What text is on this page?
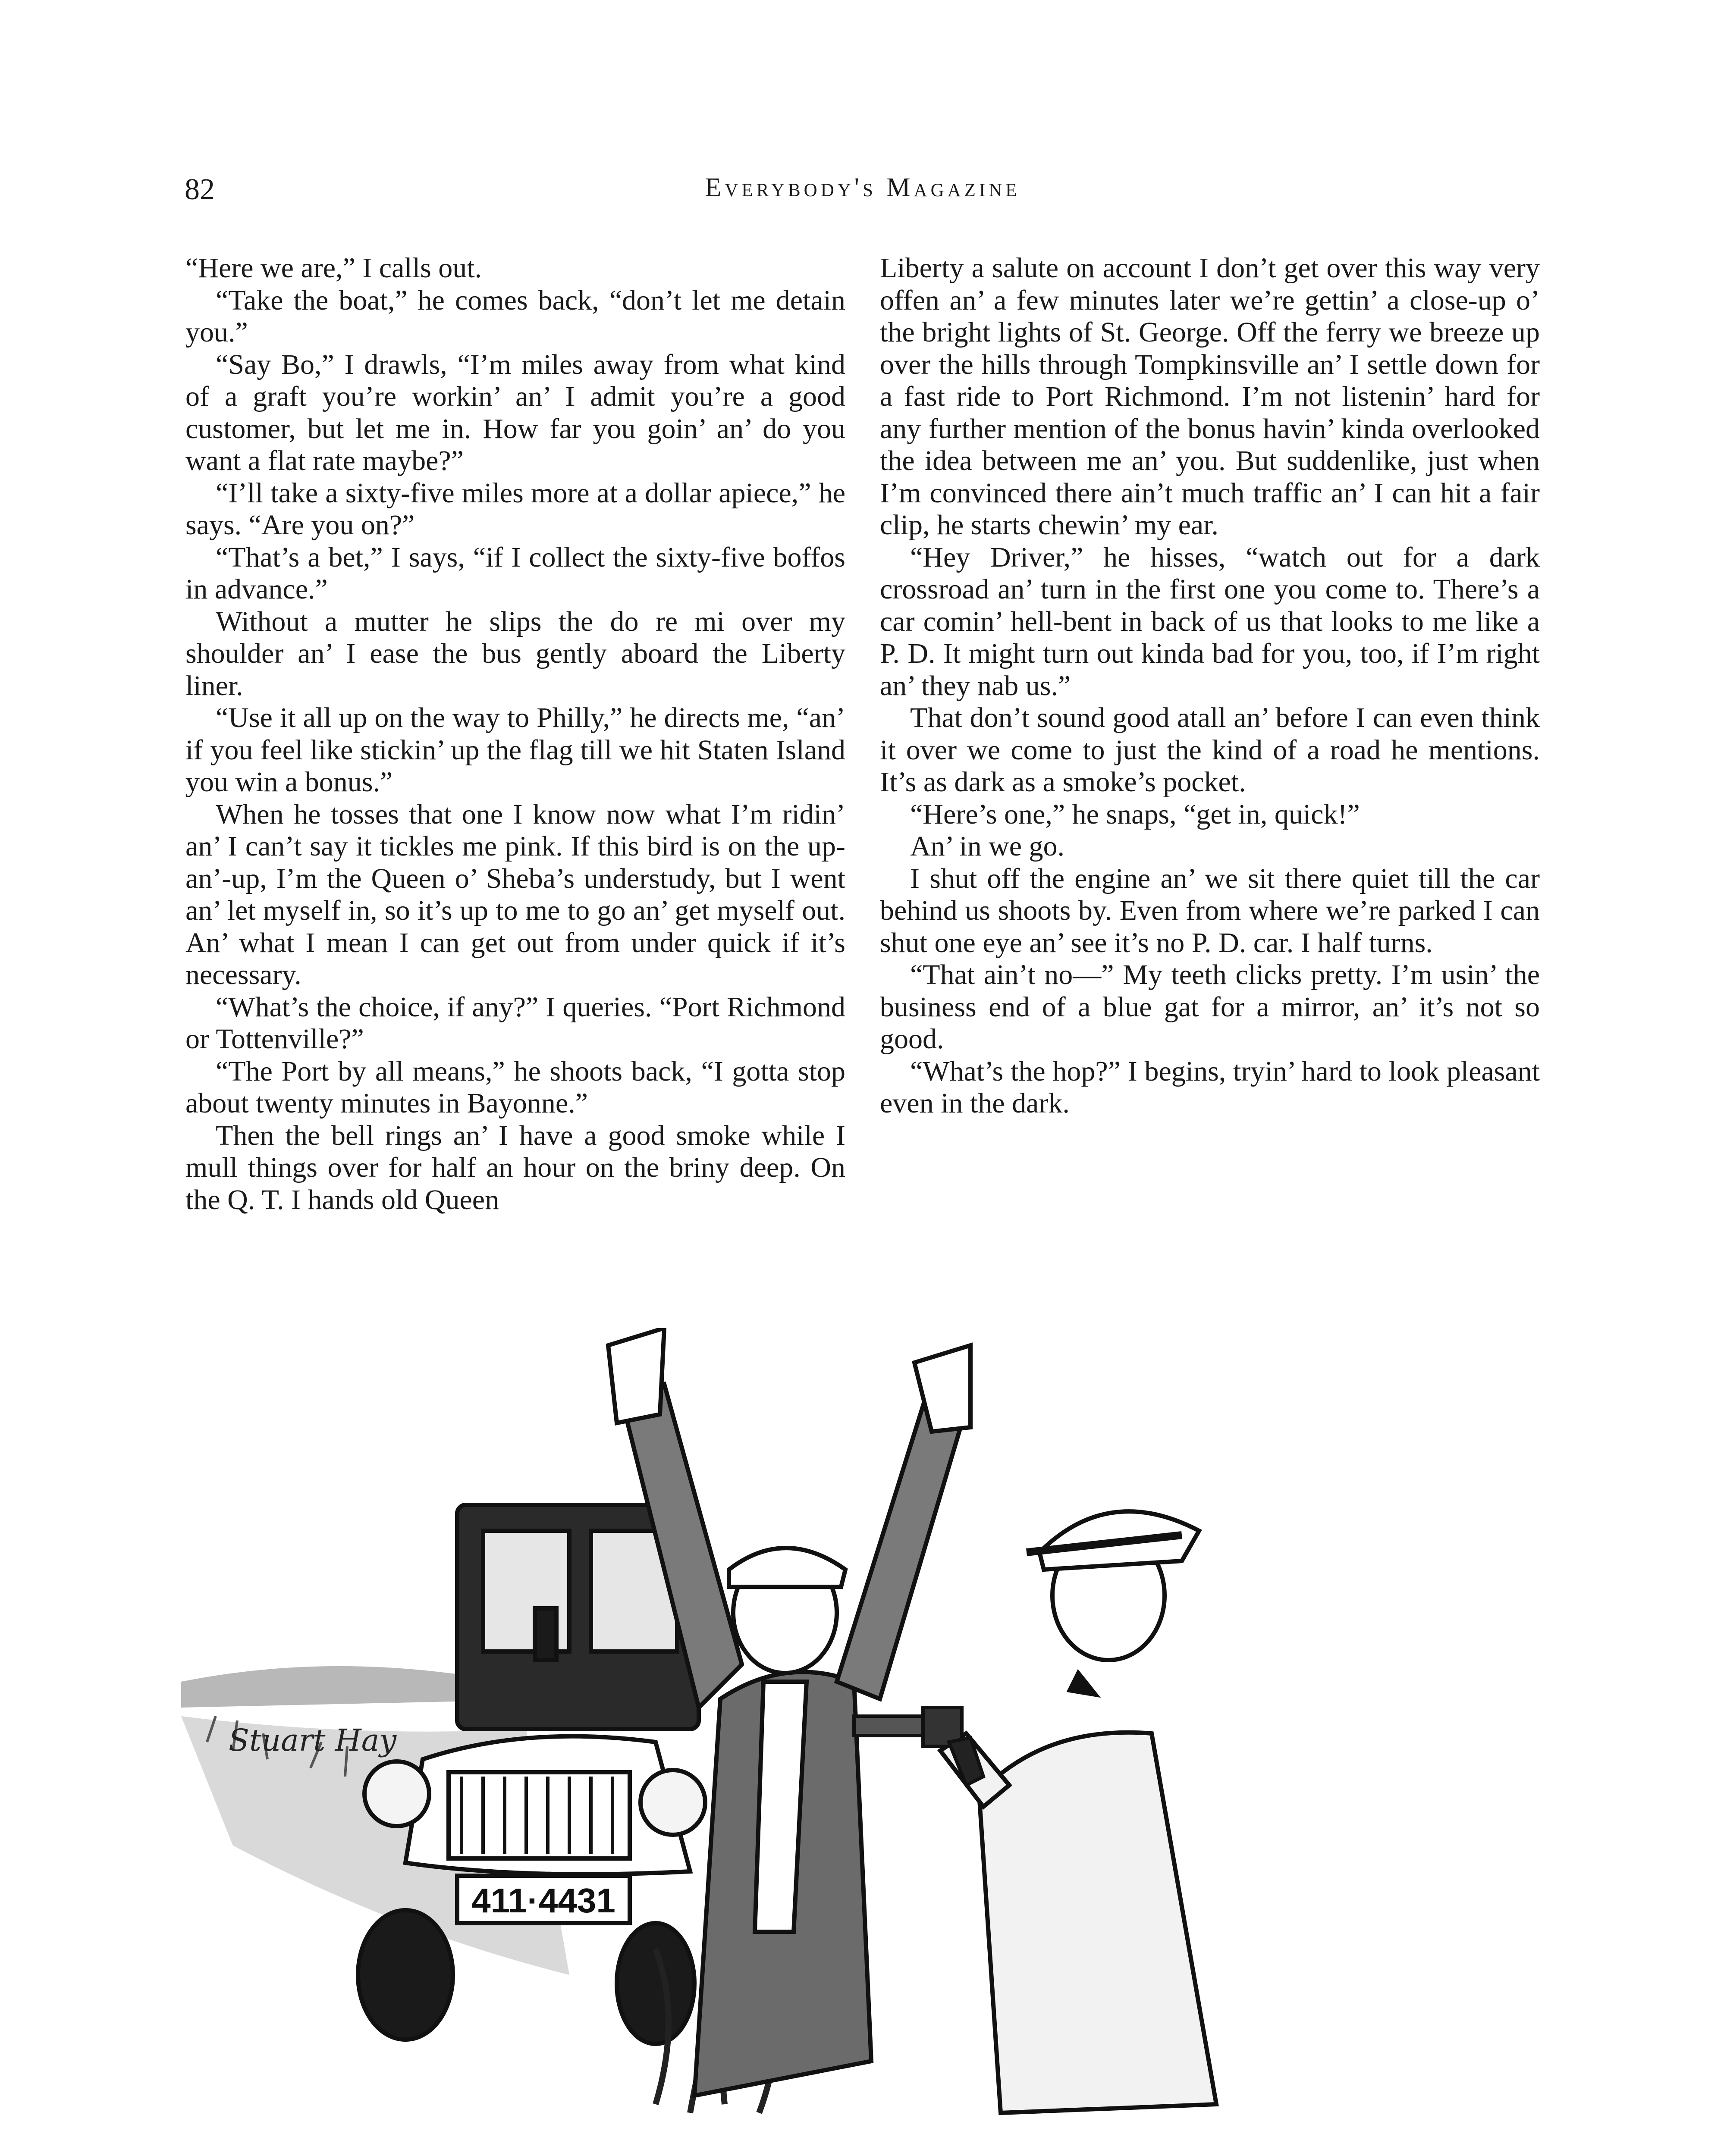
82	Everybody's Magazine

“Here we are,” I calls out.

“Take the boat,” he comes back, “don’t let me detain you.”

“Say Bo,” I drawls, “I’m miles away from what kind of a graft you’re workin’ an’ I admit you’re a good customer, but let me in. How far you goin’ an’ do you want a flat rate maybe?”

“I’ll take a sixty-five miles more at a dollar apiece,” he says. “Are you on?”

“That’s a bet,” I says, “if I collect the sixty-five boffos in advance.”

Without a mutter he slips the do re mi over my shoulder an’ I ease the bus gently aboard the Liberty liner.

“Use it all up on the way to Philly,” he directs me, “an’ if you feel like stickin’ up the flag till we hit Staten Island you win a bonus.”

When he tosses that one I know now what I’m ridin’ an’ I can’t say it tickles me pink. If this bird is on the up-an’-up, I’m the Queen o’ Sheba’s understudy, but I went an’ let myself in, so it’s up to me to go an’ get myself out. An’ what I mean I can get out from under quick if it’s necessary.

“What’s the choice, if any?” I queries. “Port Richmond or Tottenville?”

“The Port by all means,” he shoots back, “I gotta stop about twenty minutes in Bayonne.”

Then the bell rings an’ I have a good smoke while I mull things over for half an hour on the briny deep. On the Q. T. I hands old Queen

Liberty a salute on account I don’t get over this way very offen an’ a few minutes later we’re gettin’ a close-up o’ the bright lights of St. George. Off the ferry we breeze up over the hills through Tompkinsville an’ I settle down for a fast ride to Port Richmond. I’m not listenin’ hard for any further mention of the bonus havin’ kinda overlooked the idea between me an’ you. But suddenlike, just when I’m convinced there ain’t much traffic an’ I can hit a fair clip, he starts chewin’ my ear.

“Hey Driver,” he hisses, “watch out for a dark crossroad an’ turn in the first one you come to. There’s a car comin’ hell-bent in back of us that looks to me like a P. D. It might turn out kinda bad for you, too, if I’m right an’ they nab us.”

That don’t sound good atall an’ before I can even think it over we come to just the kind of a road he mentions. It’s as dark as a smoke’s pocket.

“Here’s one,” he snaps, “get in, quick!”

An’ in we go.

I shut off the engine an’ we sit there quiet till the car behind us shoots by. Even from where we’re parked I can shut one eye an’ see it’s no P. D. car. I half turns.

“That ain’t no—” My teeth clicks pretty. I’m usin’ the business end of a blue gat for a mirror, an’ it’s not so good.

“What’s the hop?” I begins, tryin’ hard to look pleasant even in the dark.

411·4431
Stuart Hay
